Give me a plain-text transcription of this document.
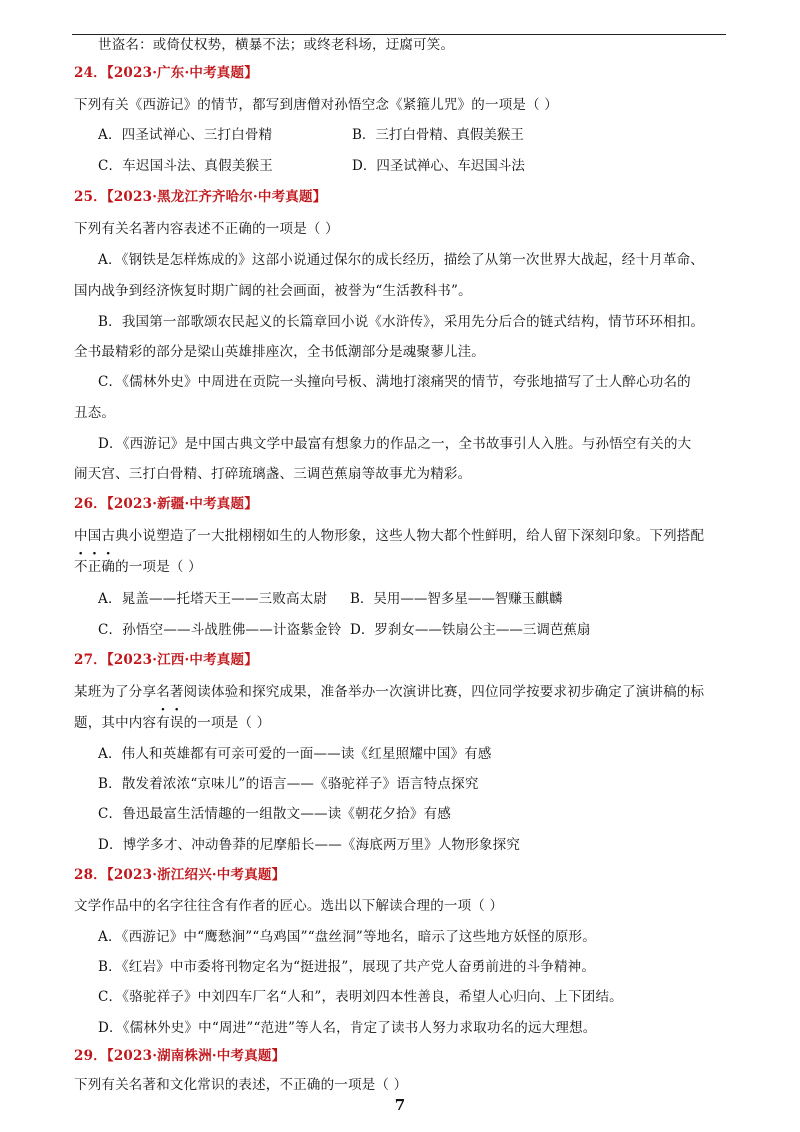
世盗名：或倚仗权势，横暴不法；或终老科场，迂腐可笑。
24．【2023·广东·中考真题】
下列有关《西游记》的情节，都写到唐僧对孙悟空念《紧箍儿咒》的一项是（ ）
A．四圣试禅心、三打白骨精	B．三打白骨精、真假美猴王
C．车迟国斗法、真假美猴王	D．四圣试禅心、车迟国斗法
25．【2023·黑龙江齐齐哈尔·中考真题】
下列有关名著内容表述不正确的一项是（ ）
A．《钢铁是怎样炼成的》这部小说通过保尔的成长经历，描绘了从第一次世界大战起，经十月革命、
国内战争到经济恢复时期广阔的社会画面，被誉为“生活教科书”。
B．我国第一部歌颂农民起义的长篇章回小说《水浒传》，采用先分后合的链式结构，情节环环相扣。
全书最精彩的部分是梁山英雄排座次，全书低潮部分是魂聚蓼儿洼。
C．《儒林外史》中周进在贡院一头撞向号板、满地打滚痛哭的情节，夸张地描写了士人醉心功名的
丑态。
D．《西游记》是中国古典文学中最富有想象力的作品之一，全书故事引人入胜。与孙悟空有关的大
闹天宫、三打白骨精、打碎琉璃盏、三调芭蕉扇等故事尤为精彩。
26．【2023·新疆·中考真题】
中国古典小说塑造了一大批栩栩如生的人物形象，这些人物大都个性鲜明，给人留下深刻印象。下列搭配
不正确的一项是（ ）
A．晁盖——托塔天王——三败高太尉 B．吴用——智多星——智赚玉麒麟
C．孙悟空——斗战胜佛——计盗紫金铃 D．罗刹女——铁扇公主——三调芭蕉扇
27．【2023·江西·中考真题】
某班为了分享名著阅读体验和探究成果，准备举办一次演讲比赛，四位同学按要求初步确定了演讲稿的标
题，其中内容有误的一项是（ ）
A．伟人和英雄都有可亲可爱的一面——读《红星照耀中国》有感
B．散发着浓浓“京味儿”的语言——《骆驼祥子》语言特点探究
C．鲁迅最富生活情趣的一组散文——读《朝花夕拾》有感
D．博学多才、冲动鲁莽的尼摩船长——《海底两万里》人物形象探究
28．【2023·浙江绍兴·中考真题】
文学作品中的名字往往含有作者的匠心。选出以下解读合理的一项（ ）
A．《西游记》中“鹰愁涧”“乌鸡国”“盘丝洞”等地名，暗示了这些地方妖怪的原形。
B．《红岩》中市委将刊物定名为“挺进报”，展现了共产党人奋勇前进的斗争精神。
C．《骆驼祥子》中刘四车厂名“人和”，表明刘四本性善良，希望人心归向、上下团结。
D．《儒林外史》中“周进”“范进”等人名，肯定了读书人努力求取功名的远大理想。
29．【2023·湖南株洲·中考真题】
下列有关名著和文化常识的表述，不正确的一项是（ ）
7
